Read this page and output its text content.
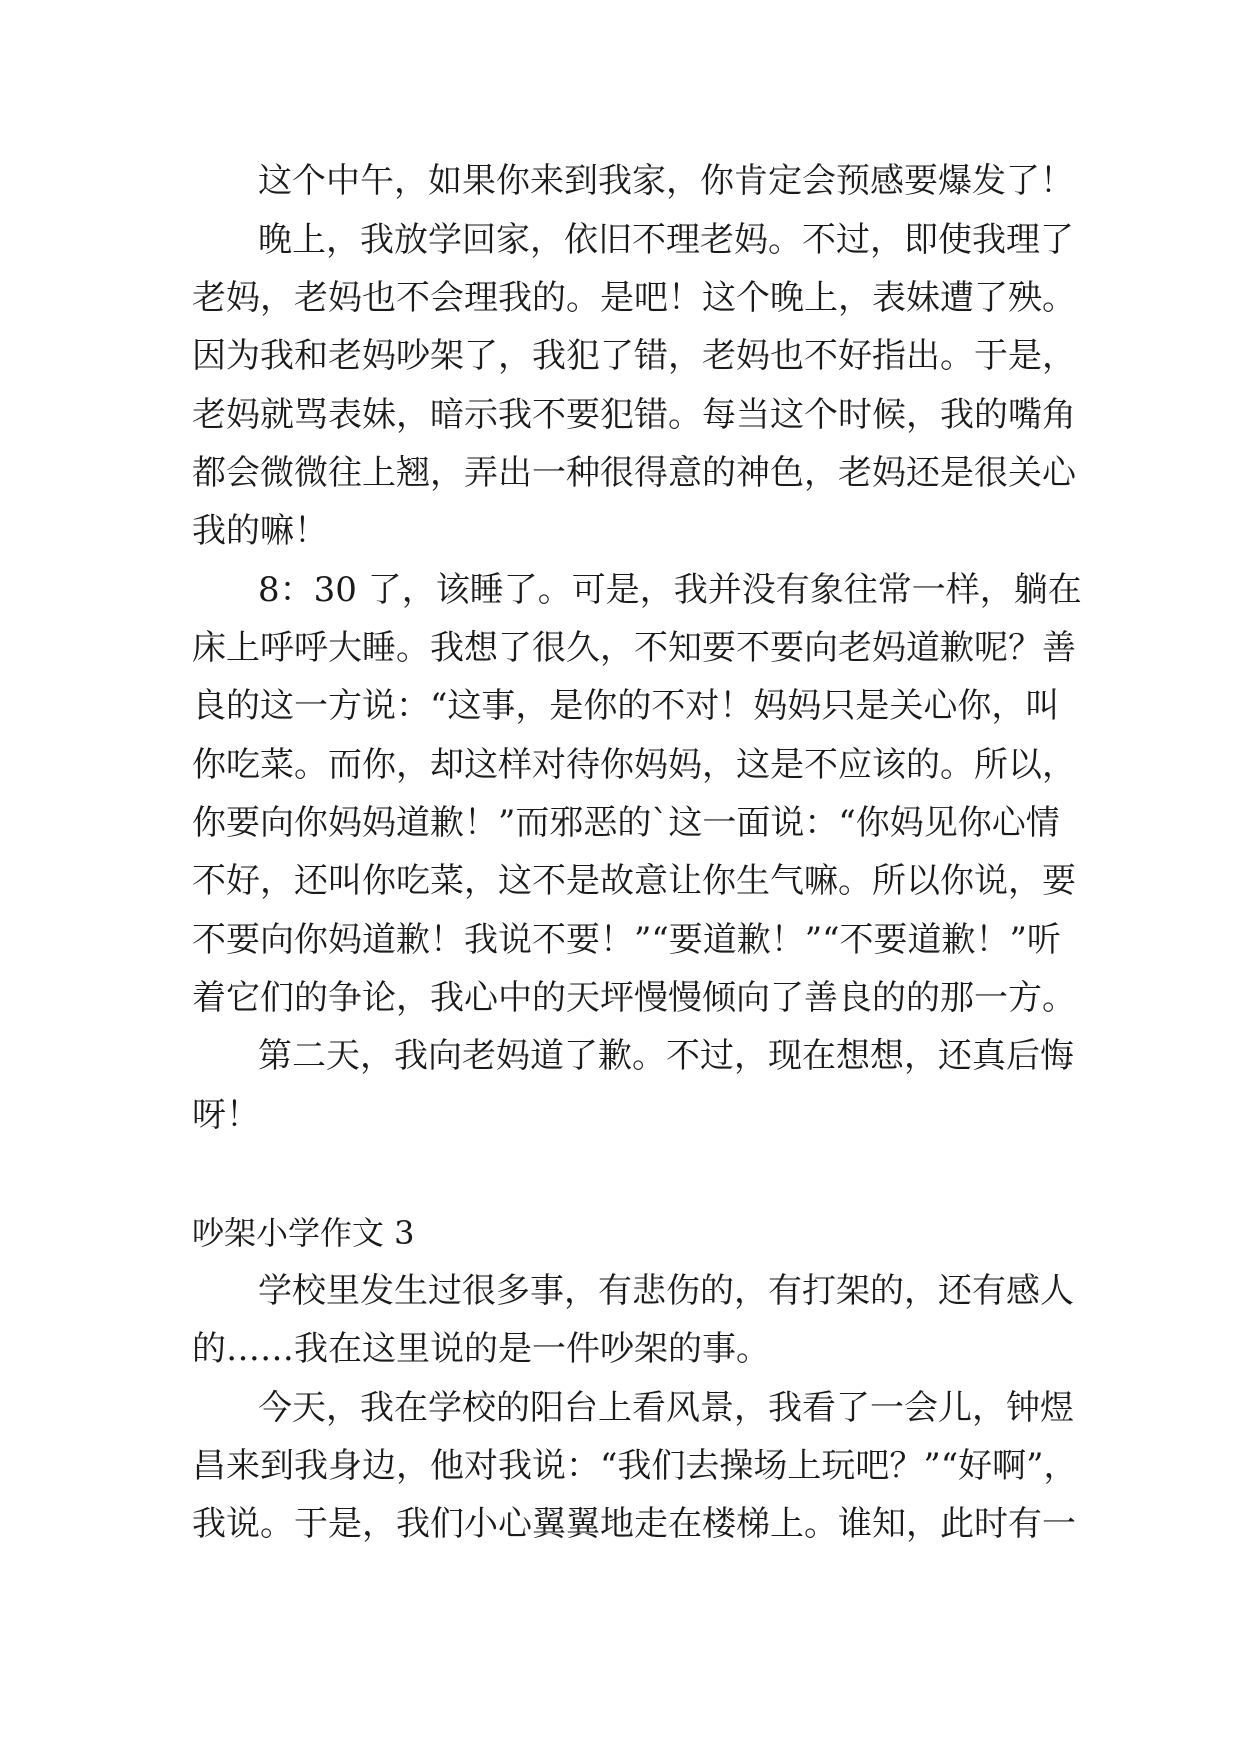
这个中午，如果你来到我家，你肯定会预感要爆发了！
晚上，我放学回家，依旧不理老妈。不过，即使我理了
老妈，老妈也不会理我的。是吧！这个晚上，表妹遭了殃。
因为我和老妈吵架了，我犯了错，老妈也不好指出。于是，
老妈就骂表妹，暗示我不要犯错。每当这个时候，我的嘴角
都会微微往上翘，弄出一种很得意的神色，老妈还是很关心
我的嘛！
8：30 了，该睡了。可是，我并没有象往常一样，躺在
床上呼呼大睡。我想了很久，不知要不要向老妈道歉呢？善
良的这一方说：“这事，是你的不对！妈妈只是关心你，叫
你吃菜。而你，却这样对待你妈妈，这是不应该的。所以，
你要向你妈妈道歉！”而邪恶的`这一面说：“你妈见你心情
不好，还叫你吃菜，这不是故意让你生气嘛。所以你说，要
不要向你妈道歉！我说不要！”“要道歉！”“不要道歉！”听
着它们的争论，我心中的天坪慢慢倾向了善良的的那一方。
第二天，我向老妈道了歉。不过，现在想想，还真后悔
呀！
吵架小学作文 3
学校里发生过很多事，有悲伤的，有打架的，还有感人
的……我在这里说的是一件吵架的事。
今天，我在学校的阳台上看风景，我看了一会儿，钟煜
昌来到我身边，他对我说：“我们去操场上玩吧？”“好啊”，
我说。于是，我们小心翼翼地走在楼梯上。谁知，此时有一
